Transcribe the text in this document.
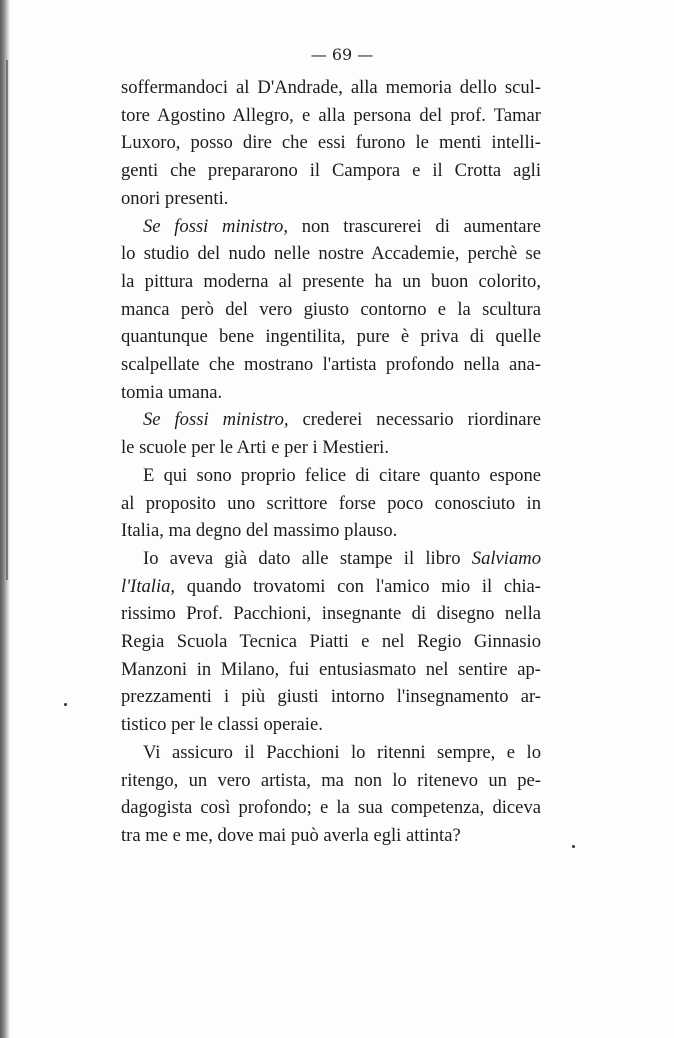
— 69 —

soffermandoci al D'Andrade, alla memoria dello scul-
tore Agostino Allegro, e alla persona del prof. Tamar
Luxoro, posso dire che essi furono le menti intelli-
genti che prepararono il Campora e il Crotta agli
onori presenti.

Se fossi ministro, non trascurerei di aumentare
lo studio del nudo nelle nostre Accademie, perchè se
la pittura moderna al presente ha un buon colorito,
manca però del vero giusto contorno e la scultura
quantunque bene ingentilita, pure è priva di quelle
scalpellate che mostrano l'artista profondo nella ana-
tomia umana.

Se fossi ministro, crederei necessario riordinare
le scuole per le Arti e per i Mestieri.

E qui sono proprio felice di citare quanto espone
al proposito uno scrittore forse poco conosciuto in
Italia, ma degno del massimo plauso.

Io aveva già dato alle stampe il libro Salviamo
l'Italia, quando trovatomi con l'amico mio il chia-
rissimo Prof. Pacchioni, insegnante di disegno nella
Regia Scuola Tecnica Piatti e nel Regio Ginnasio
Manzoni in Milano, fui entusiasmato nel sentire ap-
prezzamenti i più giusti intorno l'insegnamento ar-
tistico per le classi operaie.

Vi assicuro il Pacchioni lo ritenni sempre, e lo
ritengo, un vero artista, ma non lo ritenevo un pe-
dagogista così profondo; e la sua competenza, diceva
tra me e me, dove mai può averla egli attinta?
